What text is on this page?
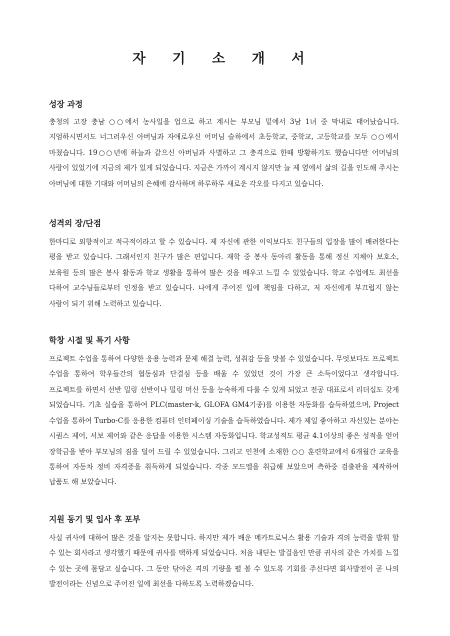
자 기 소 개 서
성장 과정

충청의 고장 충남 ○○에서 농사일을 업으로 하고 계시는 부모님 밑에서 3남 1녀 중 막내로 태어났습니다. 지엄하시면서도 너그러우신 아버님과 자애로우신 어머님 슬하에서 초등학교, 중학교, 고등학교를 모두 ○○에서 마쳤습니다. 19○○년에 하늘과 같으신 아버님과 사별하고 그 충격으로 한때 방황하기도 했습니다만 어머님의 사랑이 있었기에 지금의 제가 있게 되었습니다. 지금은 가까이 계시지 않지만 늘 제 옆에서 삶의 길을 인도해 주시는 아버님에 대한 기대와 어머님의 은혜에 감사하며 하루하루 새로운 각오를 다지고 있습니다.

성격의 장/단점

한마디로 외향적이고 적극적이라고 할 수 있습니다. 제 자신에 관한 이익보다도 친구들의 입장을 많이 배려한다는 평을 받고 있습니다. 그래서인지 친구가 많은 편입니다. 재학 중 봉사 동아리 활동을 통해 정신 지체아 보호소, 보육원 등의 많은 봉사 활동과 학교 생활을 통하여 많은 것을 배우고 느낄 수 있었습니다. 학교 수업에도 최선을 다하여 교수님들로부터 인정을 받고 있습니다. 나에게 주어진 일에 책임을 다하고, 저 자신에게 부끄럽지 않는 사람이 되기 위해 노력하고 있습니다.

학창 시절 및 특기 사항

프로젝트 수업을 통하여 다양한 응용 능력과 문제 해결 능력, 성취감 등을 맛볼 수 있었습니다. 무엇보다도 프로젝트 수업을 통하여 학우들간의 협동심과 단결심 등을 배울 수 있었던 것이 가장 큰 소득이었다고 생각합니다. 프로젝트를 하면서 선반 밀링 선반이나 밀링 머신 등을 능숙하게 다룰 수 있게 되었고 전공 대표로서 리더십도 갖게 되었습니다. 기초 실습을 통하여 PLC(master-k, GLOFA GM4기종)를 이용한 자동화를 습득하였으며, Project 수업을 통하여 Turbo-C를 응용한 컴퓨터 인터페이싱 기술을 습득하였습니다. 제가 제일 좋아하고 자신있는 분야는 시퀀스 제어, 서보 제어와 같은 응답을 이용한 시스템 자동화입니다. 학교성적도 평균 4.1이상의 좋은 성적을 얻어 장학금을 받아 부모님의 짐을 덜어 드릴 수 있었습니다. 그리고 인천에 소재한 ○○ 훈련학교에서 6개월간 교육을 통하여 자동차 정비 자격증을 취득하게 되었습니다. 각종 모드엘을 취급해 보았으며 측하중 검출판을 제작하여 납품도 해 보았습니다.

지원 동기 및 입사 후 포부

사실 귀사에 대하여 많은 것을 알지는 못합니다. 하지만 제가 배운 메카트로닉스 활용 기술과 격의 능력을 발휘 할 수 있는 회사라고 생각했기 때문에 귀사를 택하게 되었습니다. 처음 내딛는 발걸음인 만큼 귀사의 같은 가치를 느낄 수 있는 곳에 몸담고 싶습니다. 그 동안 닦아온 격의 기량을 펼 볼 수 있도록 기회를 주신다면 회사발전이 곧 나의 발전이라는 신념으로 주어진 일에 최선을 다하도록 노력하겠습니다.
